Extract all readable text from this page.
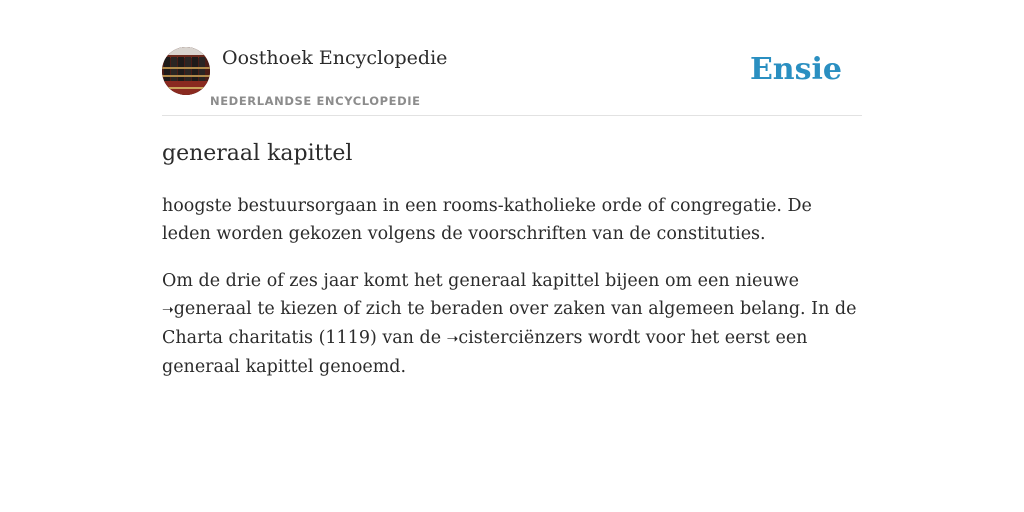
Oosthoek Encyclopedie
NEDERLANDSE ENCYCLOPEDIE
Ensie
generaal kapittel

hoogste bestuursorgaan in een rooms-katholieke orde of congregatie. De leden worden gekozen volgens de voorschriften van de constituties.

Om de drie of zes jaar komt het generaal kapittel bijeen om een nieuwe ➝generaal te kiezen of zich te beraden over zaken van algemeen belang. In de Charta charitatis (1119) van de ➝cisterciënzers wordt voor het eerst een generaal kapittel genoemd.
